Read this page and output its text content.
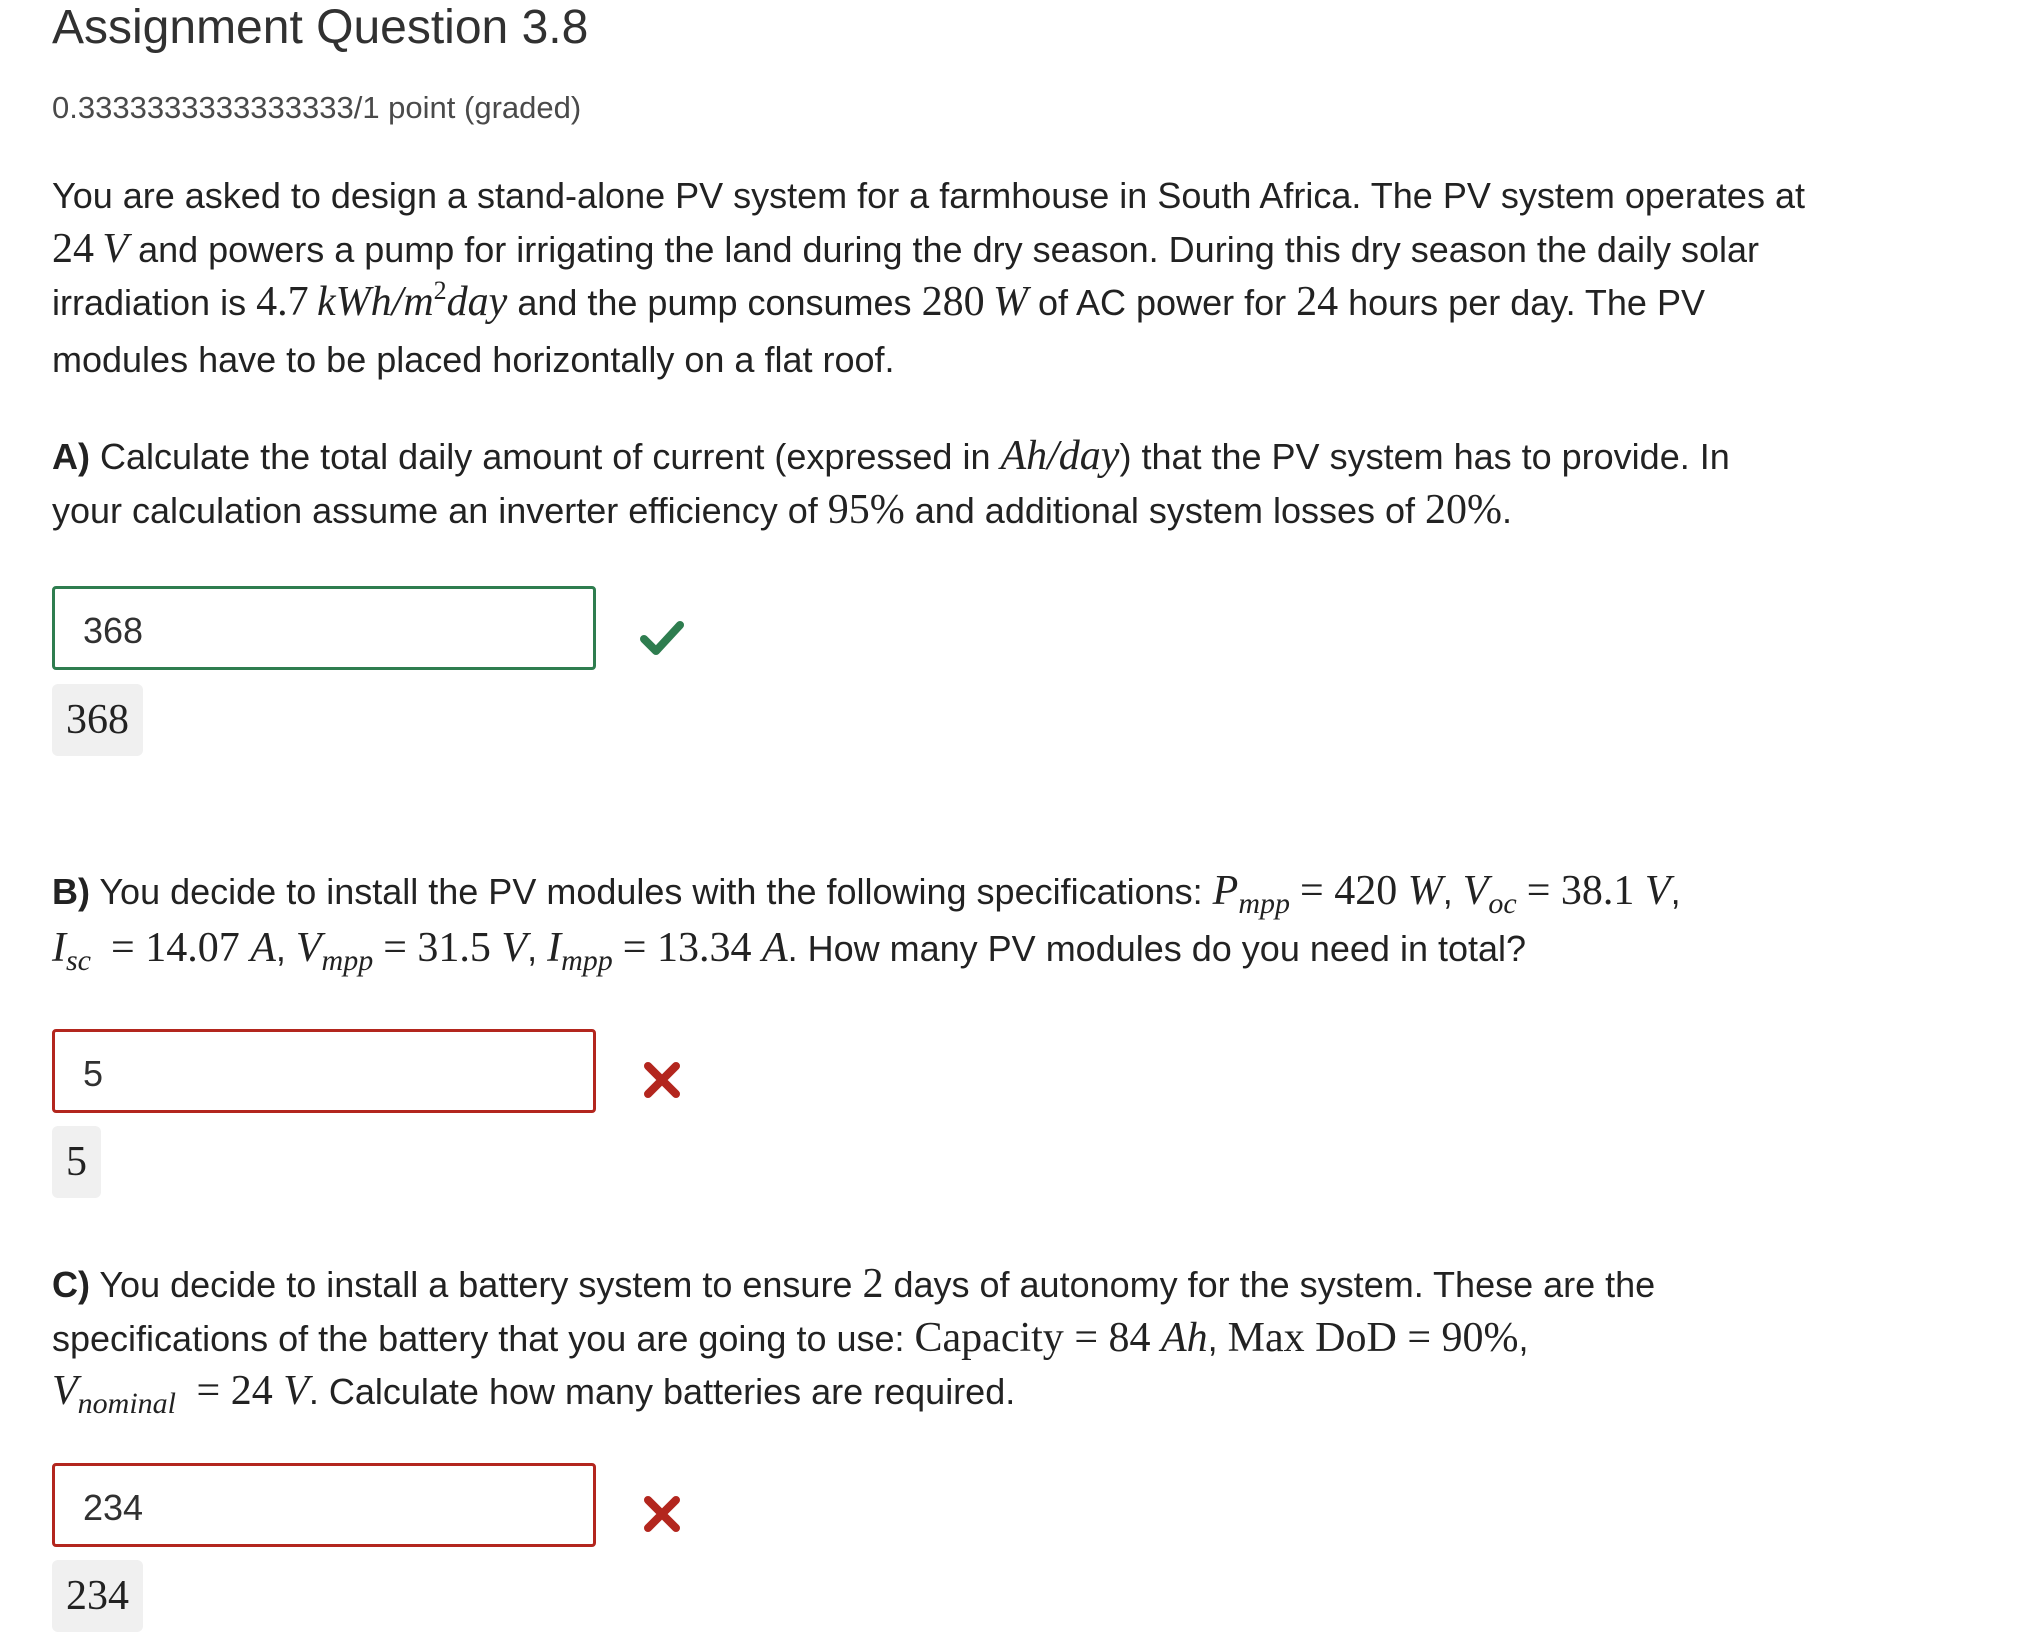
Assignment Question 3.8
0.3333333333333333/1 point (graded)
You are asked to design a stand-alone PV system for a farmhouse in South Africa. The PV system operates at
24  V and powers a pump for irrigating the land during the dry season. During this dry season the daily solar
irradiation is 4.7  kWh/$m^2day$ and the pump consumes 280  W of AC power for 24 hours per day. The PV
modules have to be placed horizontally on a flat roof.
A) Calculate the total daily amount of current (expressed in Ah/day) that the PV system has to provide. In
your calculation assume an inverter efficiency of 95% and additional system losses of 20%.
368
368
B) You decide to install the PV modules with the following specifications: $P_{mpp} = 420$ W, $V_{oc} = 38.1$ V,
$I_{sc} = 14.07$ A, $V_{mpp} = 31.5$ V, $I_{mpp} = 13.34$ A. How many PV modules do you need in total?
5
5
C) You decide to install a battery system to ensure 2 days of autonomy for the system. These are the
specifications of the battery that you are going to use: Capacity = 84 Ah, Max DoD = 90%,
$V_{nominal} = 24$ V. Calculate how many batteries are required.
234
234
